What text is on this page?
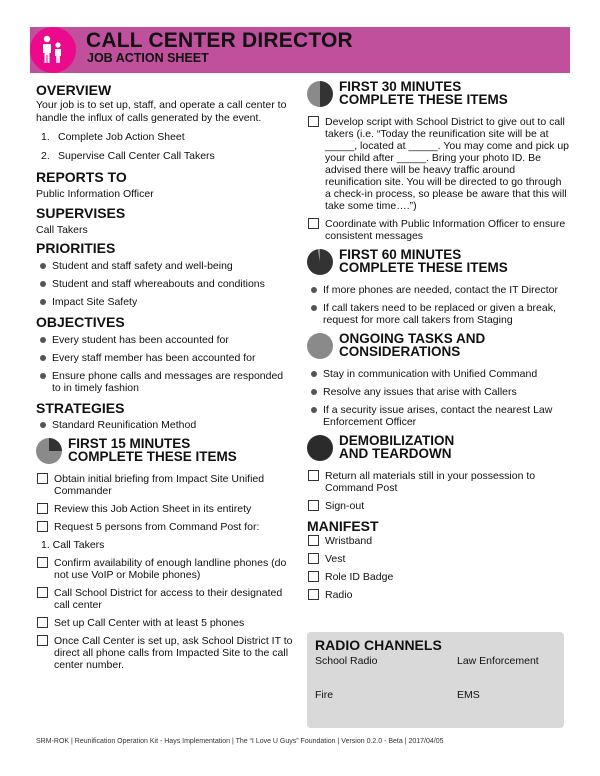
CALL CENTER DIRECTOR
JOB ACTION SHEET
OVERVIEW
Your job is to set up, staff, and operate a call center to handle the influx of calls generated by the event.
1. Complete Job Action Sheet
2. Supervise Call Center Call Takers
REPORTS TO
Public Information Officer
SUPERVISES
Call Takers
PRIORITIES
Student and staff safety and well-being
Student and staff whereabouts and conditions
Impact Site Safety
OBJECTIVES
Every student has been accounted for
Every staff member has been accounted for
Ensure phone calls and messages are responded to in timely fashion
STRATEGIES
Standard Reunification Method
FIRST 15 MINUTES
COMPLETE THESE ITEMS
Obtain initial briefing from Impact Site Unified Commander
Review this Job Action Sheet in its entirety
Request 5 persons from Command Post for:
1. Call Takers
Confirm availability of enough landline phones (do not use VoIP or Mobile phones)
Call School District for access to their designated call center
Set up Call Center with at least 5 phones
Once Call Center is set up, ask School District IT to direct all phone calls from Impacted Site to the call center number.
FIRST 30 MINUTES
COMPLETE THESE ITEMS
Develop script with School District to give out to call takers (i.e. “Today the reunification site will be at _____, located at _____. You may come and pick up your child after _____. Bring your photo ID. Be advised there will be heavy traffic around reunification site. You will be directed to go through a check-in process, so please be aware that this will take some time….”)
Coordinate with Public Information Officer to ensure consistent messages
FIRST 60 MINUTES
COMPLETE THESE ITEMS
If more phones are needed, contact the IT Director
If call takers need to be replaced or given a break, request for more call takers from Staging
ONGOING TASKS AND
CONSIDERATIONS
Stay in communication with Unified Command
Resolve any issues that arise with Callers
If a security issue arises, contact the nearest Law Enforcement Officer
DEMOBILIZATION
AND TEARDOWN
Return all materials still in your possession to Command Post
Sign-out
MANIFEST
Wristband
Vest
Role ID Badge
Radio
RADIO CHANNELS
School Radio	Law Enforcement
Fire	EMS
SRM-ROK | Reunification Operation Kit - Hays Implementation | The “I Love U Guys” Foundation | Version 0.2.0 - Beta | 2017/04/05
